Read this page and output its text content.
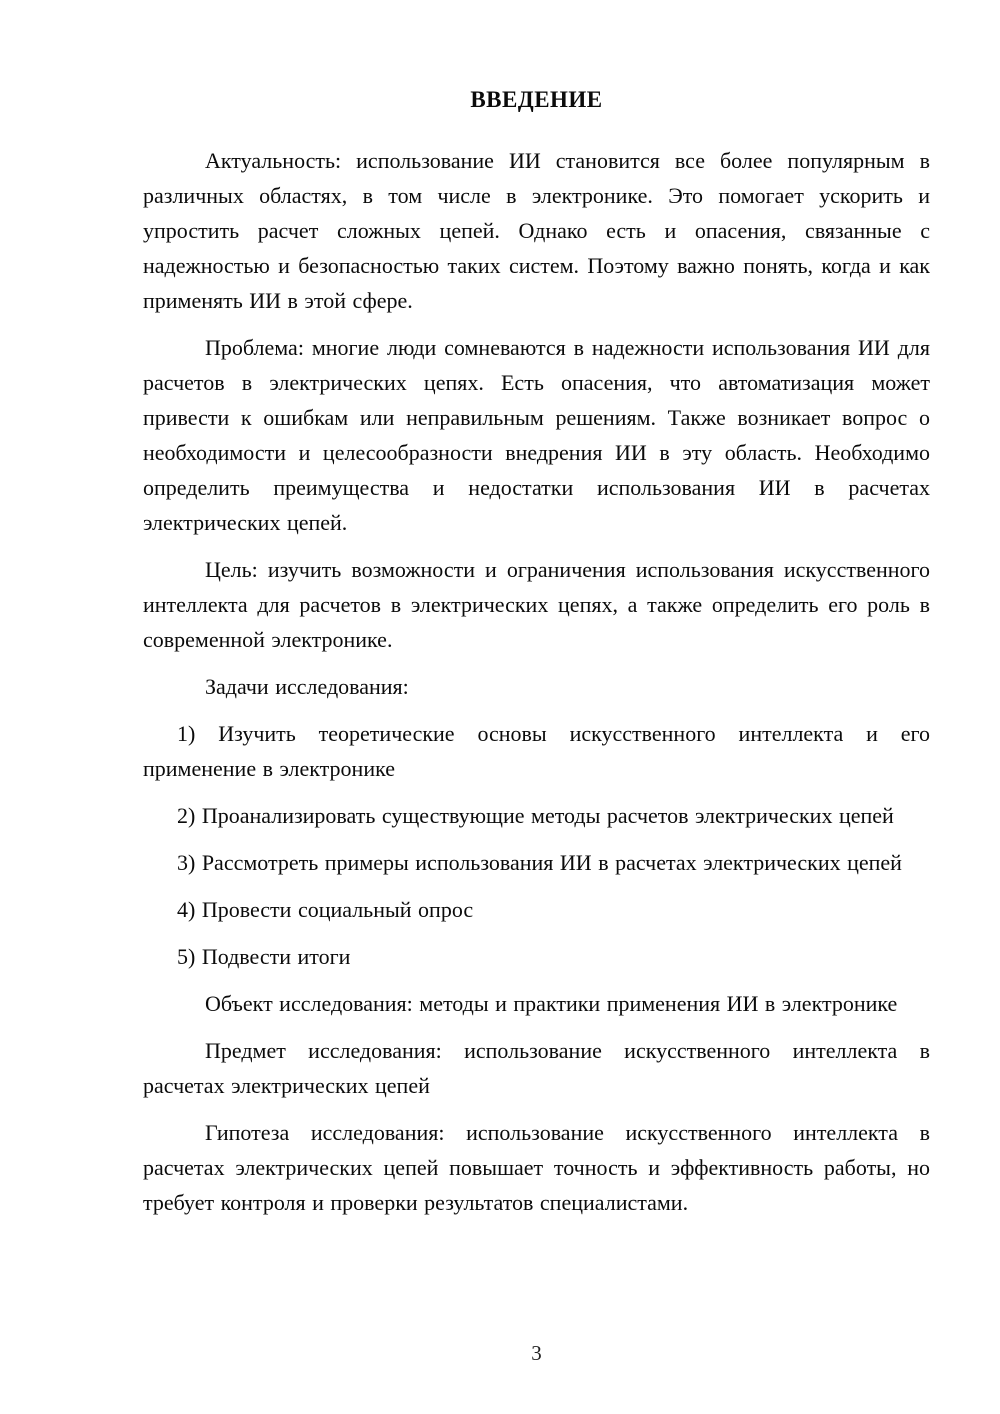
ВВЕДЕНИЕ

Актуальность: использование ИИ становится все более популярным в различных областях, в том числе в электронике. Это помогает ускорить и упростить расчет сложных цепей. Однако есть и опасения, связанные с надежностью и безопасностью таких систем. Поэтому важно понять, когда и как применять ИИ в этой сфере.

Проблема: многие люди сомневаются в надежности использования ИИ для расчетов в электрических цепях. Есть опасения, что автоматизация может привести к ошибкам или неправильным решениям. Также возникает вопрос о необходимости и целесообразности внедрения ИИ в эту область. Необходимо определить преимущества и недостатки использования ИИ в расчетах электрических цепей.

Цель: изучить возможности и ограничения использования искусственного интеллекта для расчетов в электрических цепях, а также определить его роль в современной электронике.

Задачи исследования:

1) Изучить теоретические основы искусственного интеллекта и его применение в электронике

2) Проанализировать существующие методы расчетов электрических цепей

3) Рассмотреть примеры использования ИИ в расчетах электрических цепей

4) Провести социальный опрос

5) Подвести итоги

Объект исследования: методы и практики применения ИИ в электронике

Предмет исследования: использование искусственного интеллекта в расчетах электрических цепей

Гипотеза исследования: использование искусственного интеллекта в расчетах электрических цепей повышает точность и эффективность работы, но требует контроля и проверки результатов специалистами.

3
